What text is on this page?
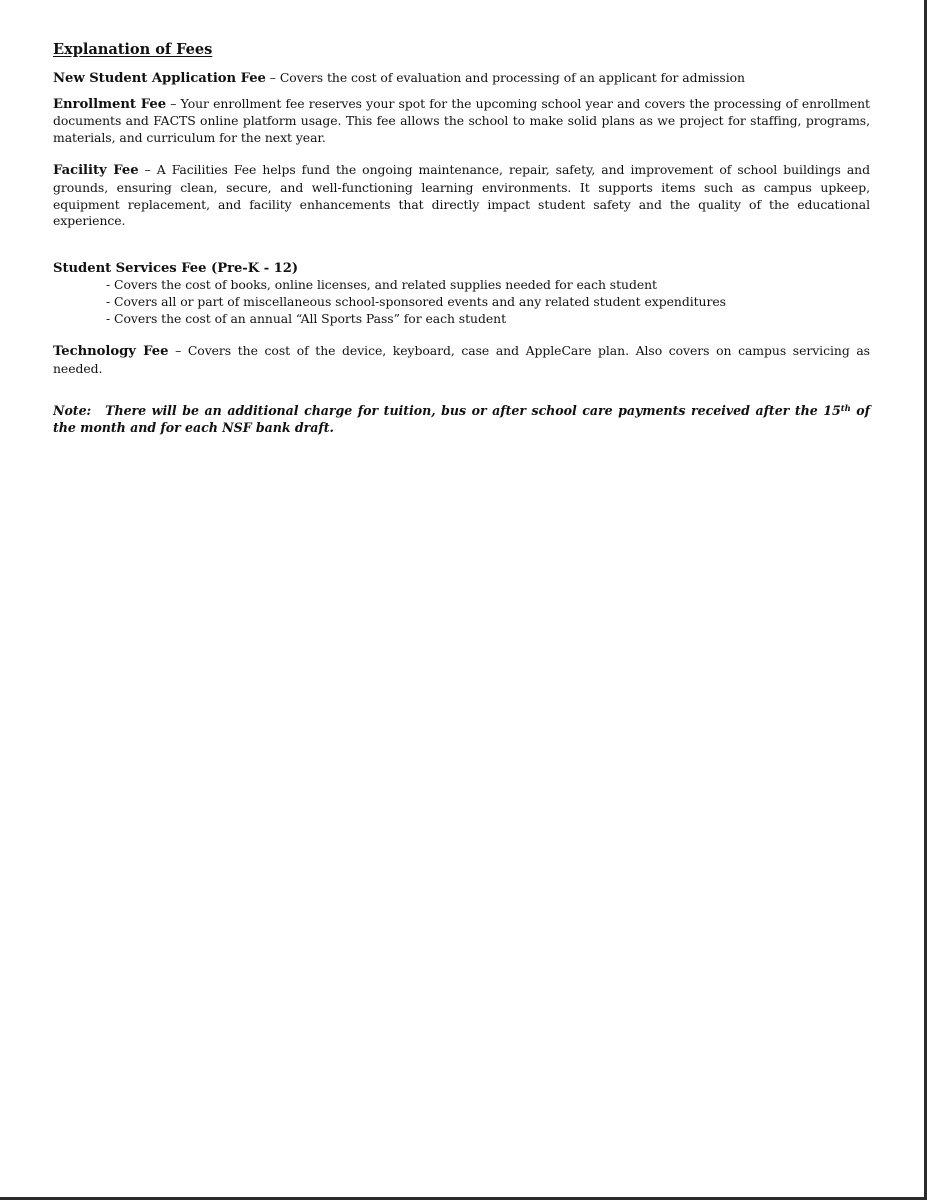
Explanation of Fees

New Student Application Fee – Covers the cost of evaluation and processing of an applicant for admission

Enrollment Fee – Your enrollment fee reserves your spot for the upcoming school year and covers the processing of enrollment documents and FACTS online platform usage. This fee allows the school to make solid plans as we project for staffing, programs, materials, and curriculum for the next year.

Facility Fee – A Facilities Fee helps fund the ongoing maintenance, repair, safety, and improvement of school buildings and grounds, ensuring clean, secure, and well-functioning learning environments. It supports items such as campus upkeep, equipment replacement, and facility enhancements that directly impact student safety and the quality of the educational experience.

Student Services Fee (Pre-K - 12)
- Covers the cost of books, online licenses, and related supplies needed for each student
- Covers all or part of miscellaneous school-sponsored events and any related student expenditures
- Covers the cost of an annual “All Sports Pass” for each student

Technology Fee – Covers the cost of the device, keyboard, case and AppleCare plan. Also covers on campus servicing as needed.

Note: There will be an additional charge for tuition, bus or after school care payments received after the 15th of the month and for each NSF bank draft.
